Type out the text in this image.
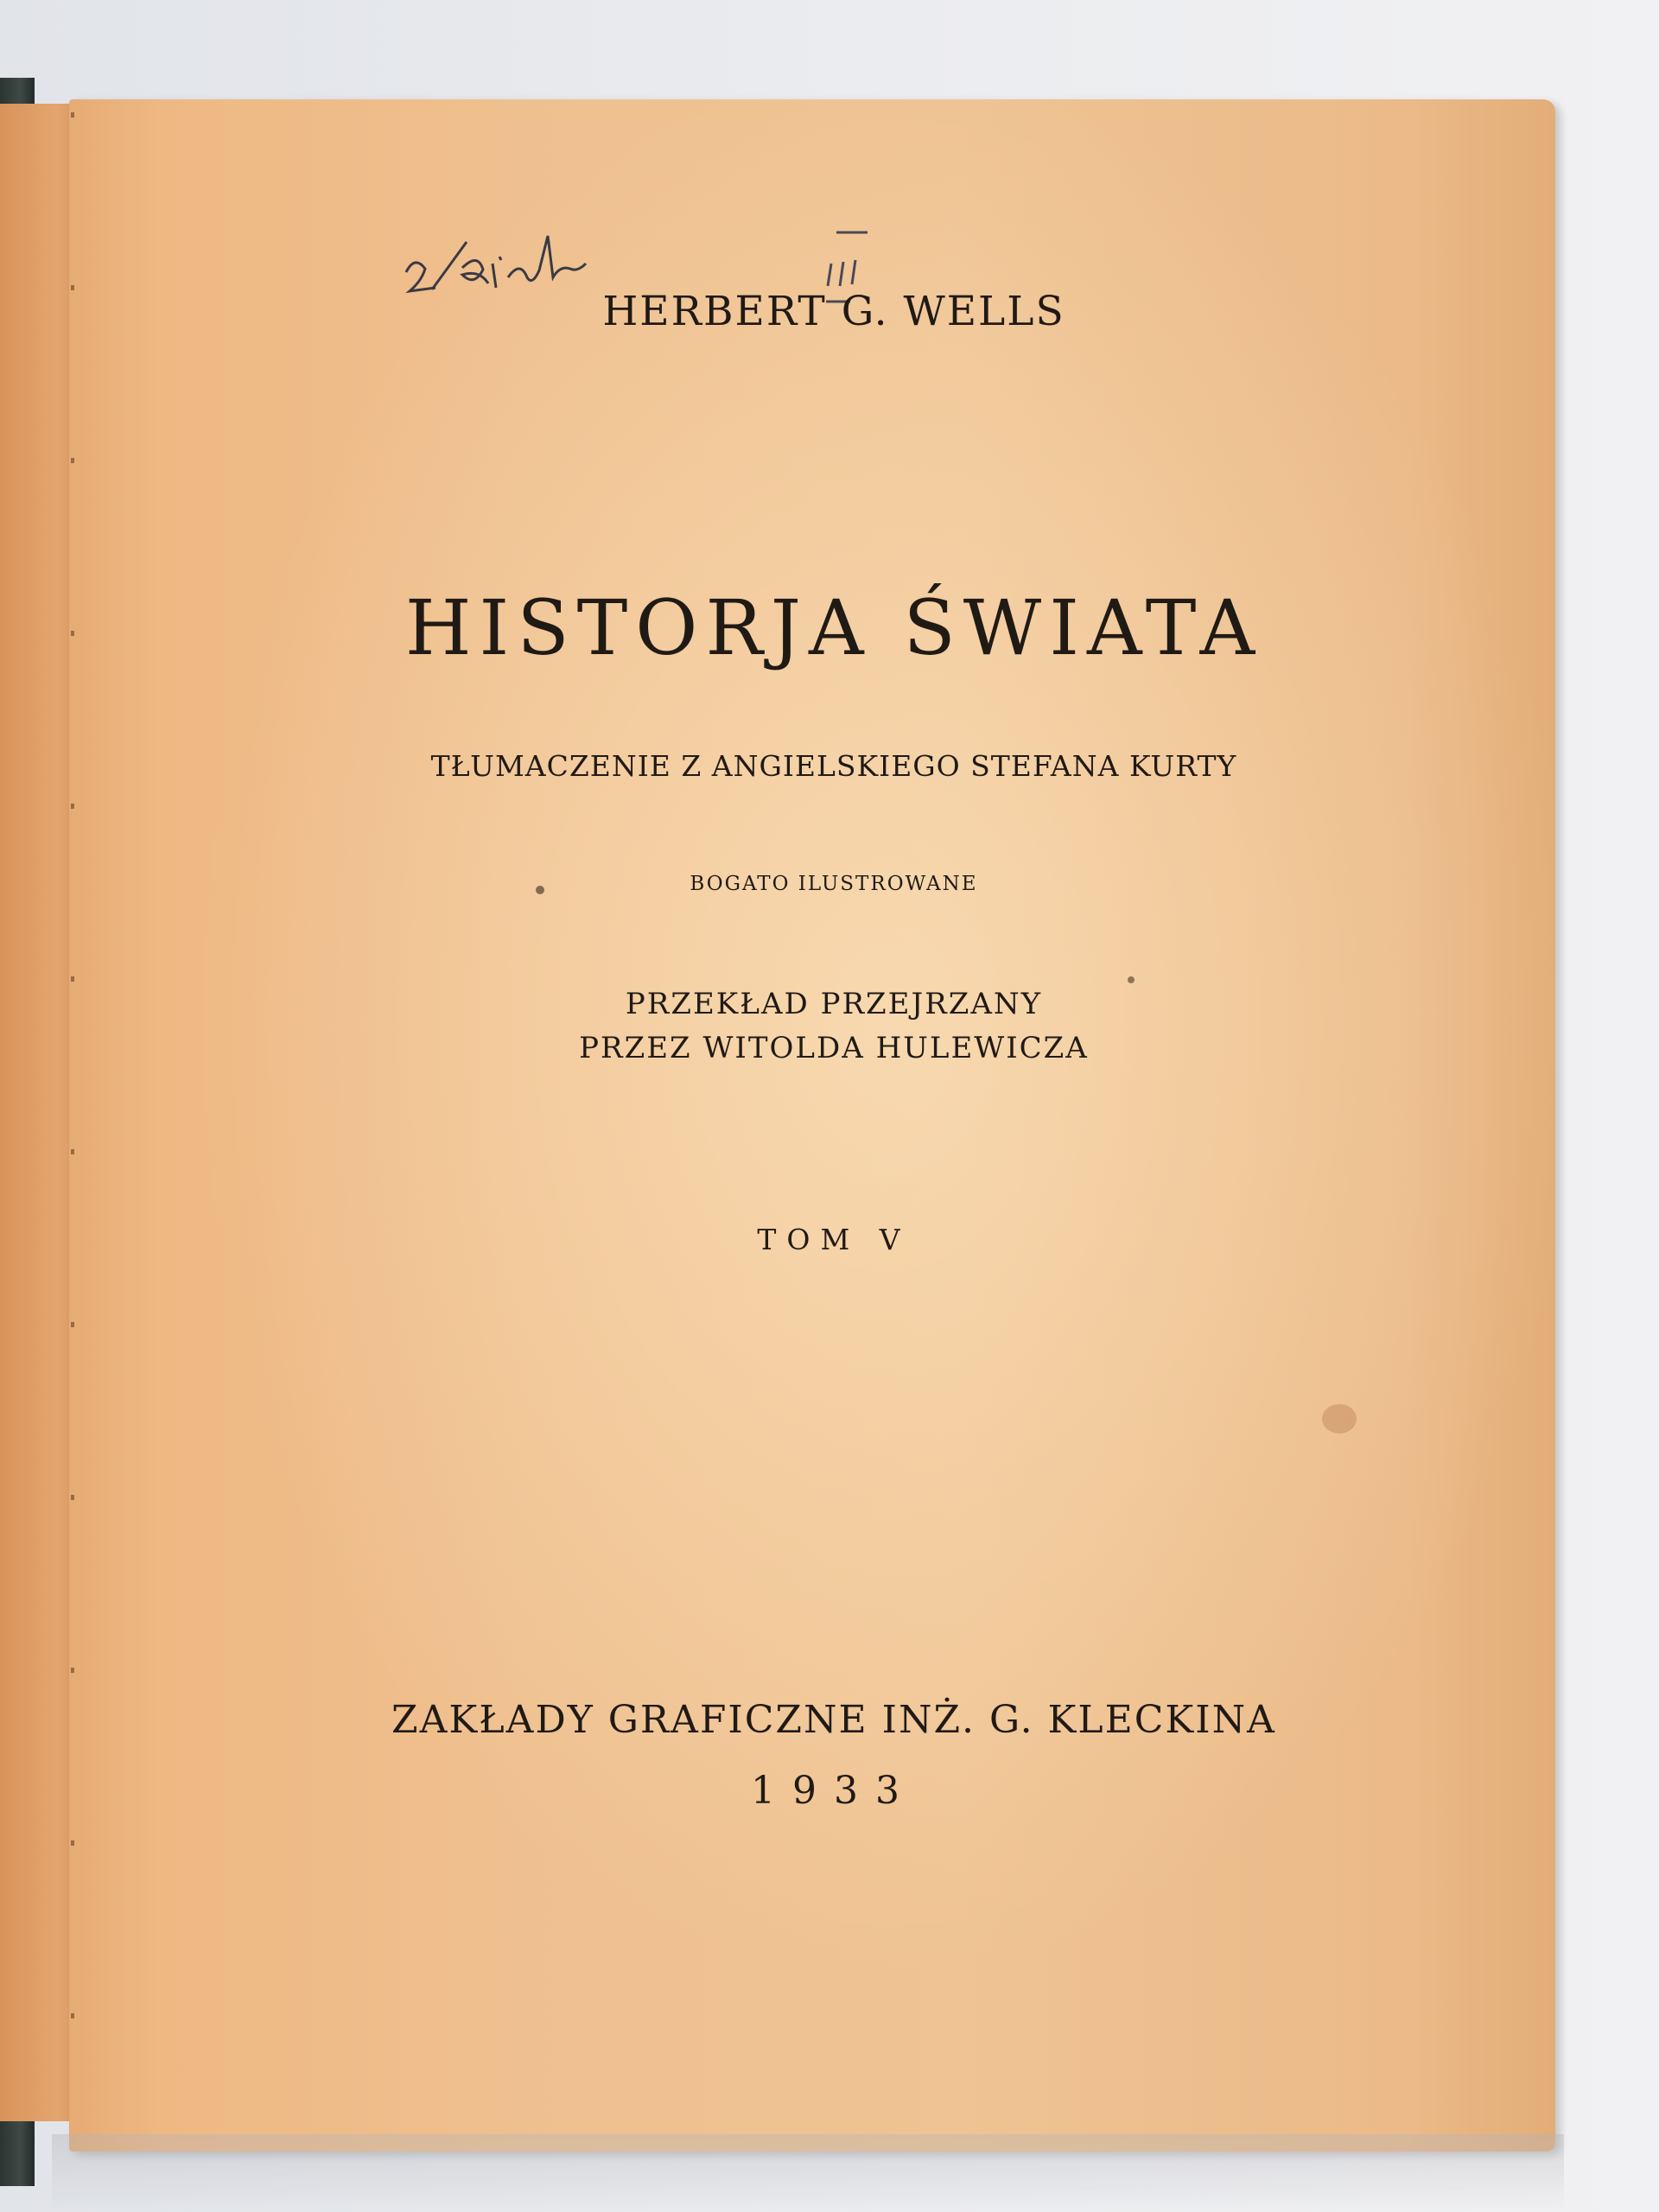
HERBERT G. WELLS
HISTORJA ŚWIATA
TŁUMACZENIE Z ANGIELSKIEGO STEFANA KURTY
BOGATO ILUSTROWANE
PRZEKŁAD PRZEJRZANY
PRZEZ WITOLDA HULEWICZA
TOM V
ZAKŁADY GRAFICZNE INŻ. G. KLECKINA
1933
